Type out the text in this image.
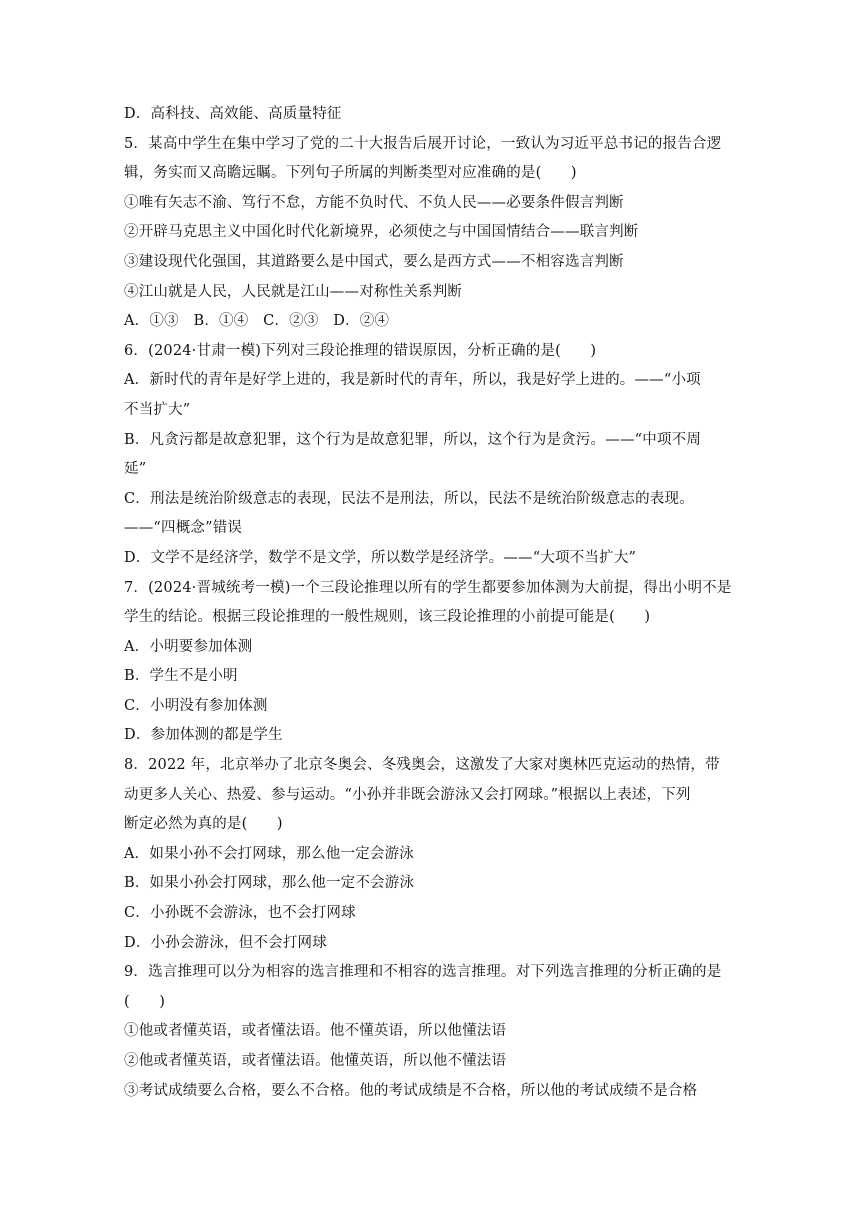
D．高科技、高效能、高质量特征
5．某高中学生在集中学习了党的二十大报告后展开讨论，一致认为习近平总书记的报告合逻
辑，务实而又高瞻远瞩。下列句子所属的判断类型对应准确的是(　　)
①唯有矢志不渝、笃行不怠，方能不负时代、不负人民——必要条件假言判断
②开辟马克思主义中国化时代化新境界，必须使之与中国国情结合——联言判断
③建设现代化强国，其道路要么是中国式，要么是西方式——不相容选言判断
④江山就是人民，人民就是江山——对称性关系判断
A．①③　B．①④　C．②③　D．②④
6．(2024·甘肃一模)下列对三段论推理的错误原因，分析正确的是(　　)
A．新时代的青年是好学上进的，我是新时代的青年，所以，我是好学上进的。——“小项
不当扩大”
B．凡贪污都是故意犯罪，这个行为是故意犯罪，所以，这个行为是贪污。——“中项不周
延”
C．刑法是统治阶级意志的表现，民法不是刑法，所以，民法不是统治阶级意志的表现。
——“四概念”错误
D．文学不是经济学，数学不是文学，所以数学是经济学。——“大项不当扩大”
7．(2024·晋城统考一模)一个三段论推理以所有的学生都要参加体测为大前提，得出小明不是
学生的结论。根据三段论推理的一般性规则，该三段论推理的小前提可能是(　　)
A．小明要参加体测
B．学生不是小明
C．小明没有参加体测
D．参加体测的都是学生
8．2022 年，北京举办了北京冬奥会、冬残奥会，这激发了大家对奥林匹克运动的热情，带
动更多人关心、热爱、参与运动。“小孙并非既会游泳又会打网球。”根据以上表述，下列
断定必然为真的是(　　)
A．如果小孙不会打网球，那么他一定会游泳
B．如果小孙会打网球，那么他一定不会游泳
C．小孙既不会游泳，也不会打网球
D．小孙会游泳，但不会打网球
9．选言推理可以分为相容的选言推理和不相容的选言推理。对下列选言推理的分析正确的是
(　　)
①他或者懂英语，或者懂法语。他不懂英语，所以他懂法语
②他或者懂英语，或者懂法语。他懂英语，所以他不懂法语
③考试成绩要么合格，要么不合格。他的考试成绩是不合格，所以他的考试成绩不是合格
